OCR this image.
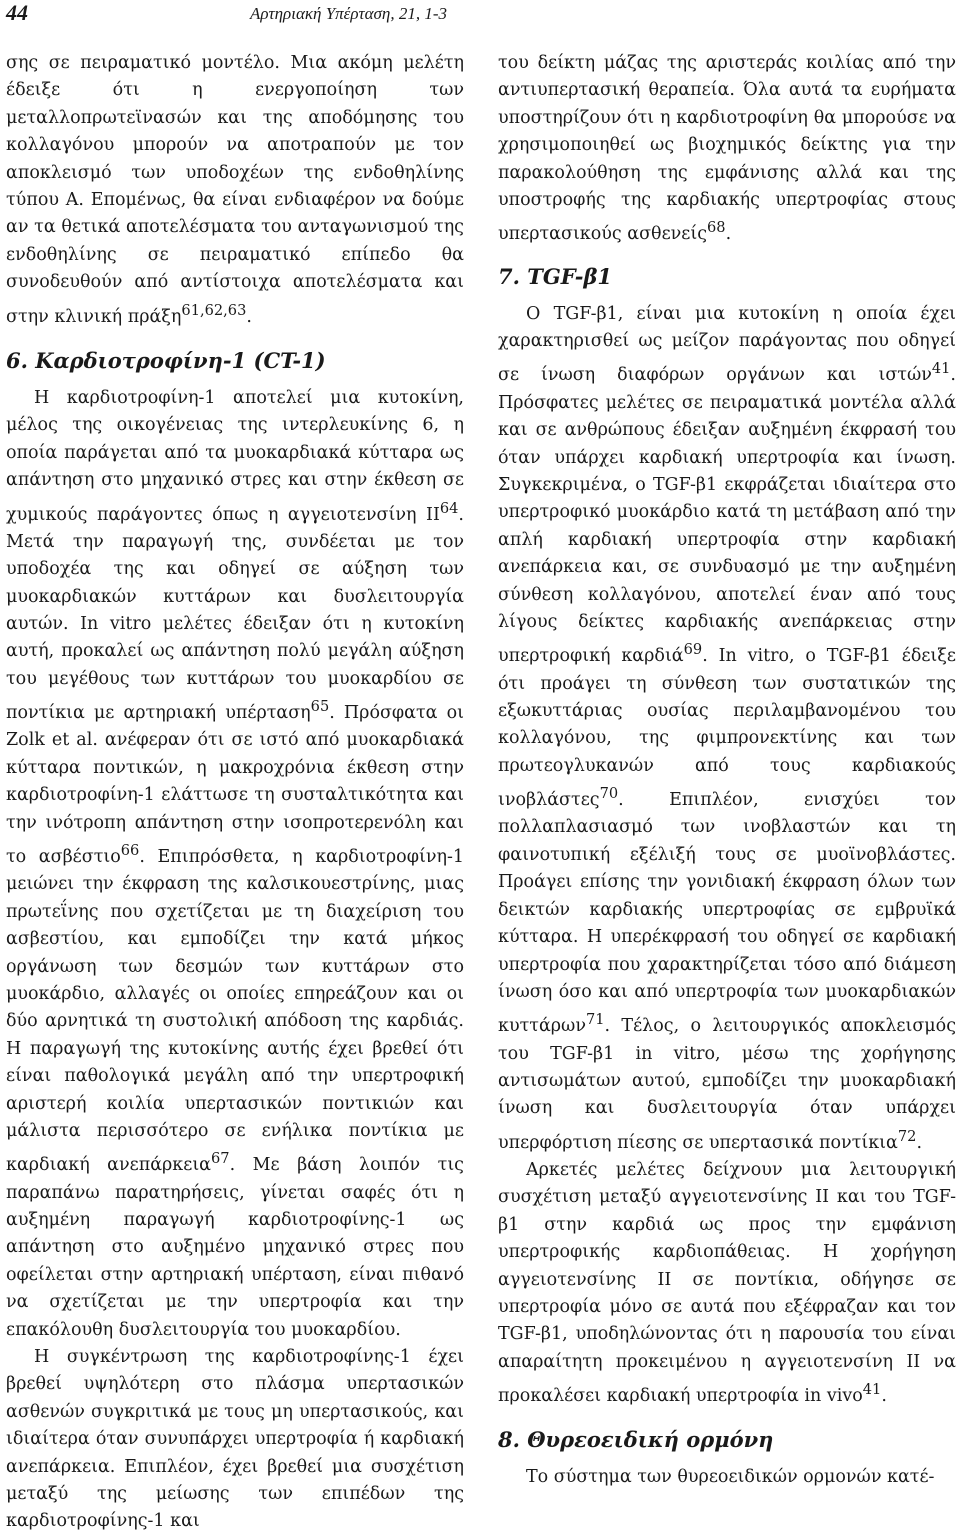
44	Αρτηριακή Υπέρταση, 21, 1-3

σης σε πειραματικό μοντέλο. Μια ακόμη μελέτη έδειξε ότι η ενεργοποίηση των μεταλλοπρωτεϊνασών και της αποδόμησης του κολλαγόνου μπορούν να αποτραπούν με τον αποκλεισμό των υποδοχέων της ενδοθηλίνης τύπου Α. Επομένως, θα είναι ενδιαφέρον να δούμε αν τα θετικά αποτελέσματα του ανταγωνισμού της ενδοθηλίνης σε πειραματικό επίπεδο θα συνοδευθούν από αντίστοιχα αποτελέσματα και στην κλινική πράξη$^{61,62,63}$.

6. Καρδιοτροφίνη-1 (CT-1)

Η καρδιοτροφίνη-1 αποτελεί μια κυτοκίνη, μέλος της οικογένειας της ιντερλευκίνης 6, η οποία παράγεται από τα μυοκαρδιακά κύτταρα ως απάντηση στο μηχανικό στρες και στην έκθεση σε χυμικούς παράγοντες όπως η αγγειοτενσίνη ΙΙ$^{64}$. Μετά την παραγωγή της, συνδέεται με τον υποδοχέα της και οδηγεί σε αύξηση των μυοκαρδιακών κυττάρων και δυσλειτουργία αυτών. In vitro μελέτες έδειξαν ότι η κυτοκίνη αυτή, προκαλεί ως απάντηση πολύ μεγάλη αύξηση του μεγέθους των κυττάρων του μυοκαρδίου σε ποντίκια με αρτηριακή υπέρταση$^{65}$. Πρόσφατα οι Zolk et al. ανέφεραν ότι σε ιστό από μυοκαρδιακά κύτταρα ποντικών, η μακροχρόνια έκθεση στην καρδιοτροφίνη-1 ελάττωσε τη συσταλτικότητα και την ινότροπη απάντηση στην ισοπροτερενόλη και το ασβέστιο$^{66}$. Επιπρόσθετα, η καρδιοτροφίνη-1 μειώνει την έκφραση της καλσικουεστρίνης, μιας πρωτεΐνης που σχετίζεται με τη διαχείριση του ασβεστίου, και εμποδίζει την κατά μήκος οργάνωση των δεσμών των κυττάρων στο μυοκάρδιο, αλλαγές οι οποίες επηρεάζουν και οι δύο αρνητικά τη συστολική απόδοση της καρδιάς. Η παραγωγή της κυτοκίνης αυτής έχει βρεθεί ότι είναι παθολογικά μεγάλη από την υπερτροφική αριστερή κοιλία υπερτασικών ποντικιών και μάλιστα περισσότερο σε ενήλικα ποντίκια με καρδιακή ανεπάρκεια$^{67}$. Με βάση λοιπόν τις παραπάνω παρατηρήσεις, γίνεται σαφές ότι η αυξημένη παραγωγή καρδιοτροφίνης-1 ως απάντηση στο αυξημένο μηχανικό στρες που οφείλεται στην αρτηριακή υπέρταση, είναι πιθανό να σχετίζεται με την υπερτροφία και την επακόλουθη δυσλειτουργία του μυοκαρδίου.

Η συγκέντρωση της καρδιοτροφίνης-1 έχει βρεθεί υψηλότερη στο πλάσμα υπερτασικών ασθενών συγκριτικά με τους μη υπερτασικούς, και ιδιαίτερα όταν συνυπάρχει υπερτροφία ή καρδιακή ανεπάρκεια. Επιπλέον, έχει βρεθεί μια συσχέτιση μεταξύ της μείωσης των επιπέδων της καρδιοτροφίνης-1 και

του δείκτη μάζας της αριστεράς κοιλίας από την αντιυπερτασική θεραπεία. Όλα αυτά τα ευρήματα υποστηρίζουν ότι η καρδιοτροφίνη θα μπορούσε να χρησιμοποιηθεί ως βιοχημικός δείκτης για την παρακολούθηση της εμφάνισης αλλά και της υποστροφής της καρδιακής υπερτροφίας στους υπερτασικούς ασθενείς$^{68}$.

7. TGF-β1

Ο TGF-β1, είναι μια κυτοκίνη η οποία έχει χαρακτηρισθεί ως μείζον παράγοντας που οδηγεί σε ίνωση διαφόρων οργάνων και ιστών$^{41}$. Πρόσφατες μελέτες σε πειραματικά μοντέλα αλλά και σε ανθρώπους έδειξαν αυξημένη έκφρασή του όταν υπάρχει καρδιακή υπερτροφία και ίνωση. Συγκεκριμένα, ο TGF-β1 εκφράζεται ιδιαίτερα στο υπερτροφικό μυοκάρδιο κατά τη μετάβαση από την απλή καρδιακή υπερτροφία στην καρδιακή ανεπάρκεια και, σε συνδυασμό με την αυξημένη σύνθεση κολλαγόνου, αποτελεί έναν από τους λίγους δείκτες καρδιακής ανεπάρκειας στην υπερτροφική καρδιά$^{69}$. In vitro, ο TGF-β1 έδειξε ότι προάγει τη σύνθεση των συστατικών της εξωκυττάριας ουσίας περιλαμβανομένου του κολλαγόνου, της φιμπρονεκτίνης και των πρωτεογλυκανών από τους καρδιακούς ινοβλάστες$^{70}$. Επιπλέον, ενισχύει τον πολλαπλασιασμό των ινοβλαστών και τη φαινοτυπική εξέλιξή τους σε μυοϊνοβλάστες. Προάγει επίσης την γονιδιακή έκφραση όλων των δεικτών καρδιακής υπερτροφίας σε εμβρυϊκά κύτταρα. Η υπερέκφρασή του οδηγεί σε καρδιακή υπερτροφία που χαρακτηρίζεται τόσο από διάμεση ίνωση όσο και από υπερτροφία των μυοκαρδιακών κυττάρων$^{71}$. Τέλος, ο λειτουργικός αποκλεισμός του TGF-β1 in vitro, μέσω της χορήγησης αντισωμάτων αυτού, εμποδίζει την μυοκαρδιακή ίνωση και δυσλειτουργία όταν υπάρχει υπερφόρτιση πίεσης σε υπερτασικά ποντίκια$^{72}$.

Αρκετές μελέτες δείχνουν μια λειτουργική συσχέτιση μεταξύ αγγειοτενσίνης ΙΙ και του TGF-β1 στην καρδιά ως προς την εμφάνιση υπερτροφικής καρδιοπάθειας. Η χορήγηση αγγειοτενσίνης ΙΙ σε ποντίκια, οδήγησε σε υπερτροφία μόνο σε αυτά που εξέφραζαν και τον TGF-β1, υποδηλώνοντας ότι η παρουσία του είναι απαραίτητη προκειμένου η αγγειοτενσίνη ΙΙ να προκαλέσει καρδιακή υπερτροφία in vivo$^{41}$.

8. Θυρεοειδική ορμόνη

Το σύστημα των θυρεοειδικών ορμονών κατέ-
